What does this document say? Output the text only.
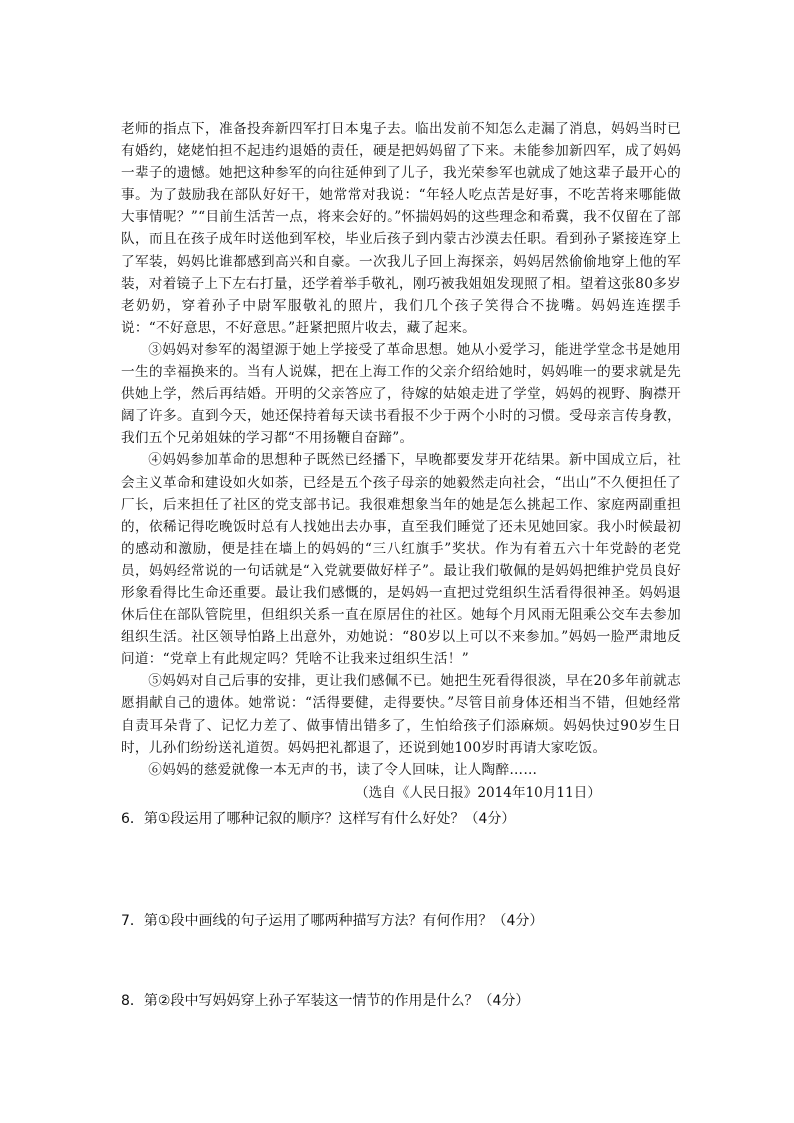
老师的指点下，准备投奔新四军打日本鬼子去。临出发前不知怎么走漏了消息，妈妈当时已有婚约，姥姥怕担不起违约退婚的责任，硬是把妈妈留了下来。未能参加新四军，成了妈妈一辈子的遗憾。她把这种参军的向往延伸到了儿子，我光荣参军也就成了她这辈子最开心的事。为了鼓励我在部队好好干，她常常对我说：“年轻人吃点苦是好事，不吃苦将来哪能做大事情呢？”“目前生活苦一点，将来会好的。”怀揣妈妈的这些理念和希冀，我不仅留在了部队，而且在孩子成年时送他到军校，毕业后孩子到内蒙古沙漠去任职。看到孙子紧接连穿上了军装，妈妈比谁都感到高兴和自豪。一次我儿子回上海探亲，妈妈居然偷偷地穿上他的军装，对着镜子上下左右打量，还学着举手敬礼，刚巧被我姐姐发现照了相。望着这张80多岁老奶奶，穿着孙子中尉军服敬礼的照片，我们几个孩子笑得合不拢嘴。妈妈连连摆手说：“不好意思，不好意思。”赶紧把照片收去，藏了起来。

③妈妈对参军的渴望源于她上学接受了革命思想。她从小爱学习，能进学堂念书是她用一生的幸福换来的。当有人说媒，把在上海工作的父亲介绍给她时，妈妈唯一的要求就是先供她上学，然后再结婚。开明的父亲答应了，待嫁的姑娘走进了学堂，妈妈的视野、胸襟开阔了许多。直到今天，她还保持着每天读书看报不少于两个小时的习惯。受母亲言传身教，我们五个兄弟姐妹的学习都“不用扬鞭自奋蹄”。

④妈妈参加革命的思想种子既然已经播下，早晚都要发芽开花结果。新中国成立后，社会主义革命和建设如火如荼，已经是五个孩子母亲的她毅然走向社会，“出山”不久便担任了厂长，后来担任了社区的党支部书记。我很难想象当年的她是怎么挑起工作、家庭两副重担的，依稀记得吃晚饭时总有人找她出去办事，直至我们睡觉了还未见她回家。我小时候最初的感动和激励，便是挂在墙上的妈妈的“三八红旗手”奖状。作为有着五六十年党龄的老党员，妈妈经常说的一句话就是“入党就要做好样子”。最让我们敬佩的是妈妈把维护党员良好形象看得比生命还重要。最让我们感慨的，是妈妈一直把过党组织生活看得很神圣。妈妈退休后住在部队管院里，但组织关系一直在原居住的社区。她每个月风雨无阻乘公交车去参加组织生活。社区领导怕路上出意外，劝她说：“80岁以上可以不来参加。”妈妈一脸严肃地反问道：“党章上有此规定吗？凭啥不让我来过组织生活！”

⑤妈妈对自己后事的安排，更让我们感佩不已。她把生死看得很淡，早在20多年前就志愿捐献自己的遗体。她常说：“活得要健，走得要快。”尽管目前身体还相当不错，但她经常自责耳朵背了、记忆力差了、做事情出错多了，生怕给孩子们添麻烦。妈妈快过90岁生日时，儿孙们纷纷送礼道贺。妈妈把礼都退了，还说到她100岁时再请大家吃饭。

⑥妈妈的慈爱就像一本无声的书，读了令人回味，让人陶醉……

（选自《人民日报》2014年10月11日）
6．第①段运用了哪种记叙的顺序？这样写有什么好处？（4分）
7．第①段中画线的句子运用了哪两种描写方法？有何作用？（4分）
8．第②段中写妈妈穿上孙子军装这一情节的作用是什么？（4分）
